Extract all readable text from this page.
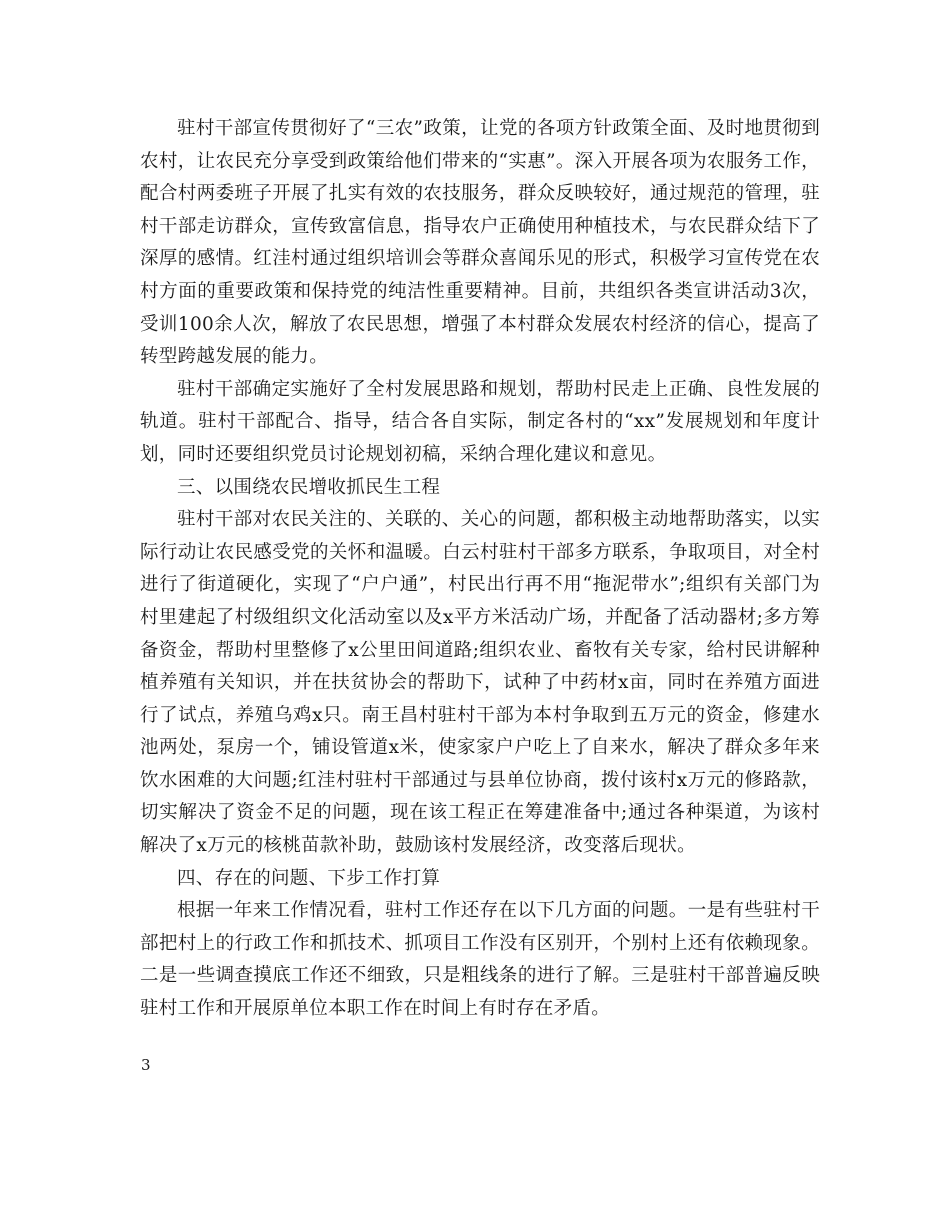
驻村干部宣传贯彻好了“三农”政策，让党的各项方针政策全面、及时地贯彻到农村，让农民充分享受到政策给他们带来的“实惠”。深入开展各项为农服务工作，配合村两委班子开展了扎实有效的农技服务，群众反映较好，通过规范的管理，驻村干部走访群众，宣传致富信息，指导农户正确使用种植技术，与农民群众结下了深厚的感情。红洼村通过组织培训会等群众喜闻乐见的形式，积极学习宣传党在农村方面的重要政策和保持党的纯洁性重要精神。目前，共组织各类宣讲活动3次，受训100余人次，解放了农民思想，增强了本村群众发展农村经济的信心，提高了转型跨越发展的能力。

驻村干部确定实施好了全村发展思路和规划，帮助村民走上正确、良性发展的轨道。驻村干部配合、指导，结合各自实际，制定各村的“xx”发展规划和年度计划，同时还要组织党员讨论规划初稿，采纳合理化建议和意见。

三、以围绕农民增收抓民生工程

驻村干部对农民关注的、关联的、关心的问题，都积极主动地帮助落实，以实际行动让农民感受党的关怀和温暖。白云村驻村干部多方联系，争取项目，对全村进行了街道硬化，实现了“户户通”，村民出行再不用“拖泥带水”;组织有关部门为村里建起了村级组织文化活动室以及x平方米活动广场，并配备了活动器材;多方筹备资金，帮助村里整修了x公里田间道路;组织农业、畜牧有关专家，给村民讲解种植养殖有关知识，并在扶贫协会的帮助下，试种了中药材x亩，同时在养殖方面进行了试点，养殖乌鸡x只。南王昌村驻村干部为本村争取到五万元的资金，修建水池两处，泵房一个，铺设管道x米，使家家户户吃上了自来水，解决了群众多年来饮水困难的大问题;红洼村驻村干部通过与县单位协商，拨付该村x万元的修路款，切实解决了资金不足的问题，现在该工程正在筹建准备中;通过各种渠道，为该村解决了x万元的核桃苗款补助，鼓励该村发展经济，改变落后现状。

四、存在的问题、下步工作打算

根据一年来工作情况看，驻村工作还存在以下几方面的问题。一是有些驻村干部把村上的行政工作和抓技术、抓项目工作没有区别开，个别村上还有依赖现象。二是一些调查摸底工作还不细致，只是粗线条的进行了解。三是驻村干部普遍反映驻村工作和开展原单位本职工作在时间上有时存在矛盾。

3
